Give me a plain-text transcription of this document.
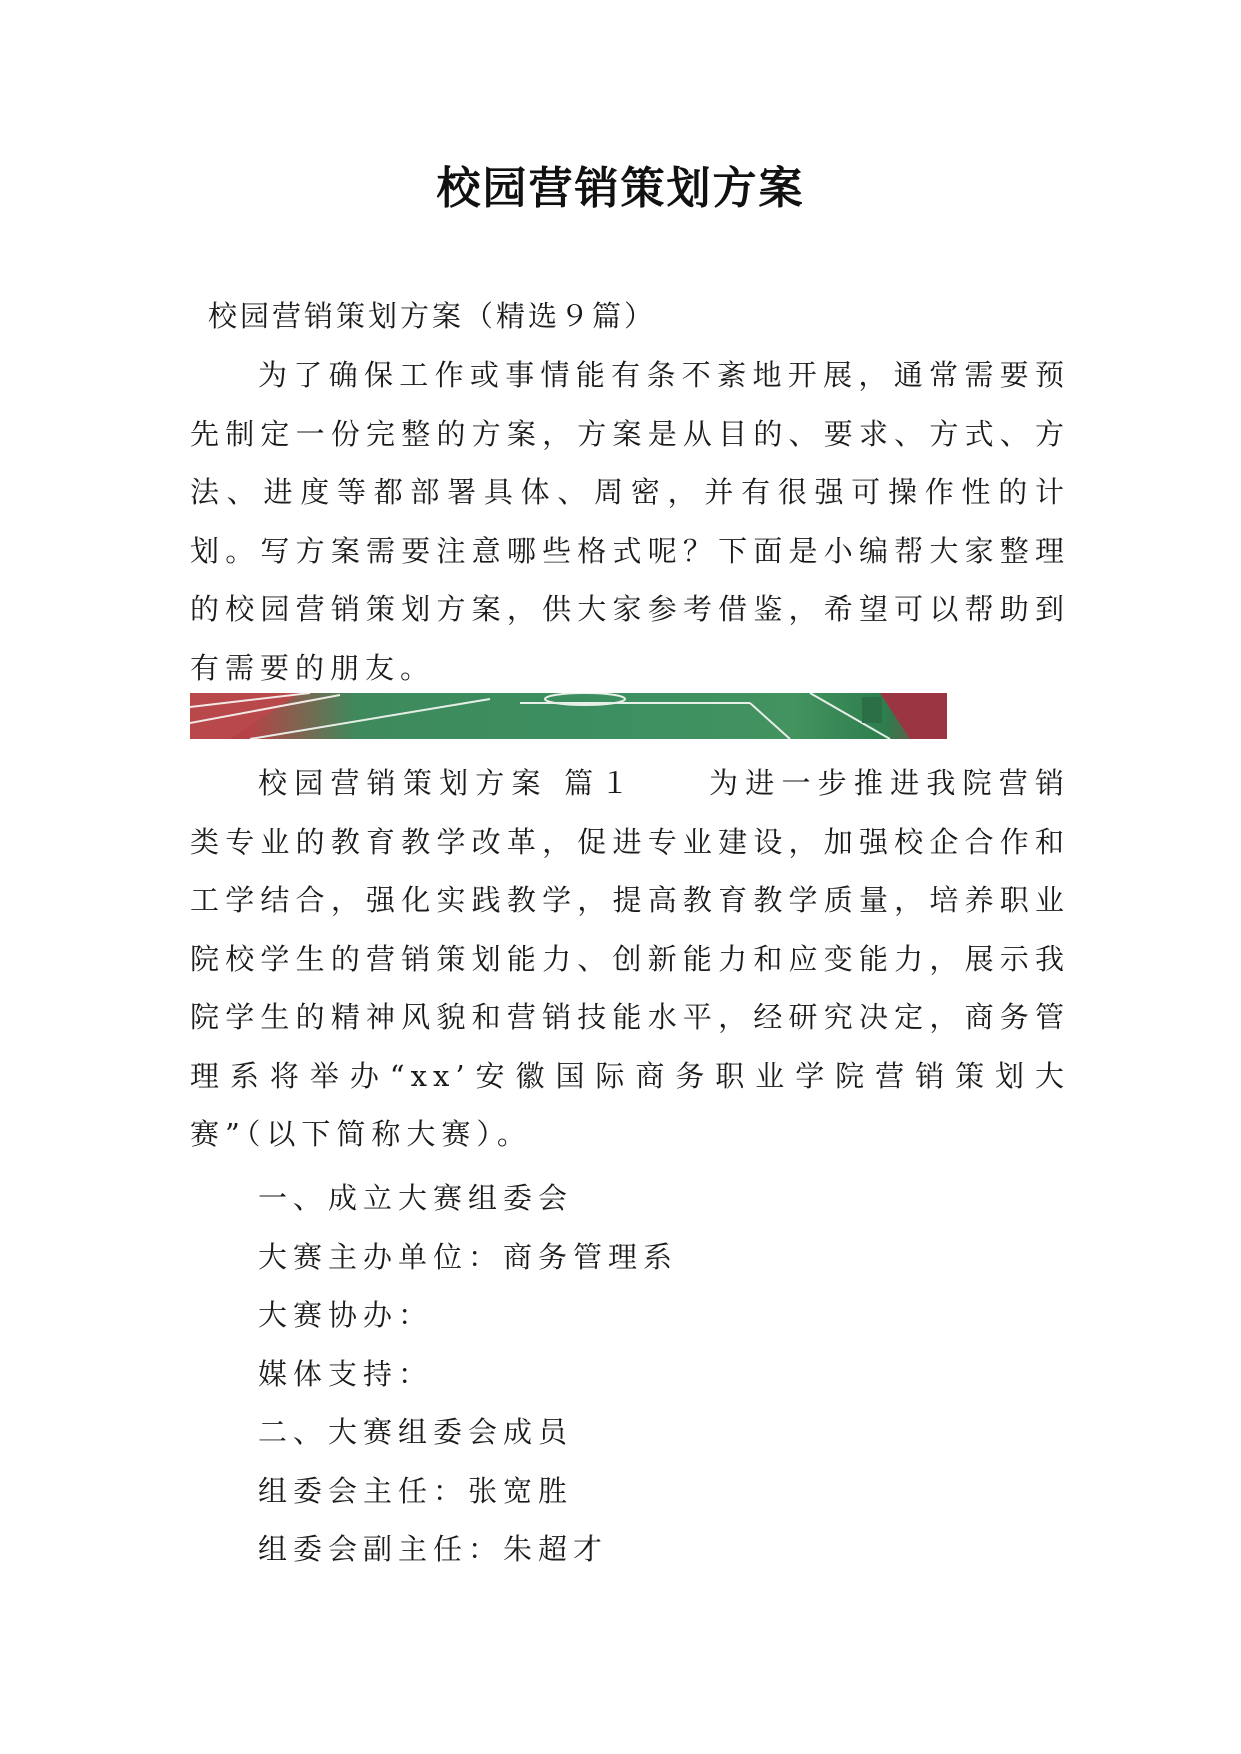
校园营销策划方案
校园营销策划方案（精选９篇）
为了确保工作或事情能有条不紊地开展，通常需要预先制定一份完整的方案，方案是从目的、要求、方式、方法、进度等都部署具体、周密，并有很强可操作性的计划。写方案需要注意哪些格式呢？下面是小编帮大家整理的校园营销策划方案，供大家参考借鉴，希望可以帮助到有需要的朋友。
校园营销策划方案 篇１　　为进一步推进我院营销类专业的教育教学改革，促进专业建设，加强校企合作和工学结合，强化实践教学，提高教育教学质量，培养职业院校学生的营销策划能力、创新能力和应变能力，展示我院学生的精神风貌和营销技能水平，经研究决定，商务管理系将举办“xx’安徽国际商务职业学院营销策划大赛”（以下简称大赛）。
一、成立大赛组委会
大赛主办单位：商务管理系
大赛协办：
媒体支持：
二、大赛组委会成员
组委会主任：张宽胜
组委会副主任：朱超才
